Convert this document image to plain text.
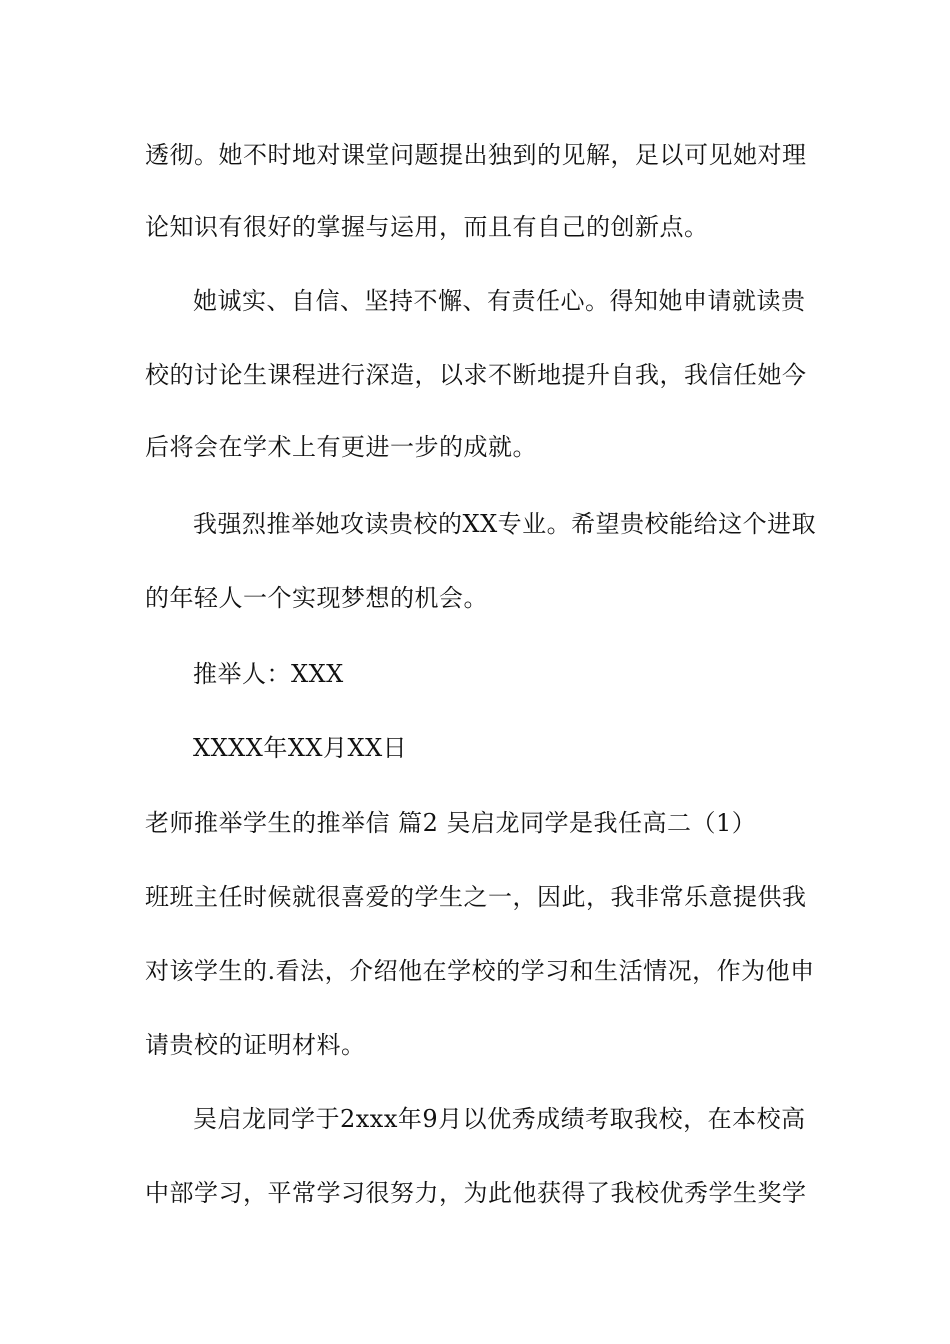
透彻。她不时地对课堂问题提出独到的见解，足以可见她对理
论知识有很好的掌握与运用，而且有自己的创新点。
她诚实、自信、坚持不懈、有责任心。得知她申请就读贵
校的讨论生课程进行深造，以求不断地提升自我，我信任她今
后将会在学术上有更进一步的成就。
我强烈推举她攻读贵校的XX专业。希望贵校能给这个进取
的年轻人一个实现梦想的机会。
推举人：XXX
XXXX年XX月XX日
老师推举学生的推举信 篇2 吴启龙同学是我任高二（1）
班班主任时候就很喜爱的学生之一，因此，我非常乐意提供我
对该学生的.看法，介绍他在学校的学习和生活情况，作为他申
请贵校的证明材料。
吴启龙同学于2xxx年9月以优秀成绩考取我校，在本校高
中部学习，平常学习很努力，为此他获得了我校优秀学生奖学
